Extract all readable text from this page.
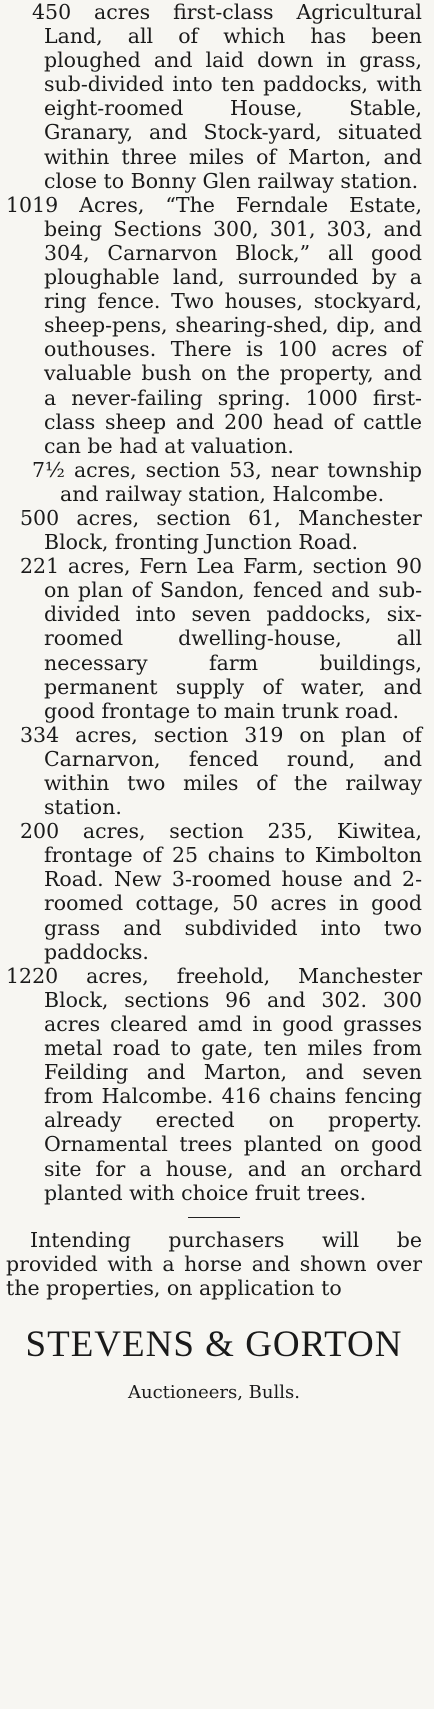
450 acres first-class Agricultural Land, all of which has been ploughed and laid down in grass, sub-divided into ten paddocks, with eight-roomed House, Stable, Granary, and Stock-yard, situated within three miles of Marton, and close to Bonny Glen railway station.
1019 Acres, “The Ferndale Estate, being Sections 300, 301, 303, and 304, Carnarvon Block,” all good ploughable land, surrounded by a ring fence. Two houses, stockyard, sheep-pens, shearing-shed, dip, and outhouses. There is 100 acres of valuable bush on the property, and a never-failing spring. 1000 first-class sheep and 200 head of cattle can be had at valuation.
7½ acres, section 53, near township and railway station, Halcombe.
500 acres, section 61, Manchester Block, fronting Junction Road.
221 acres, Fern Lea Farm, section 90 on plan of Sandon, fenced and sub-divided into seven paddocks, six-roomed dwelling-house, all necessary farm buildings, permanent supply of water, and good frontage to main trunk road.
334 acres, section 319 on plan of Carnarvon, fenced round, and within two miles of the railway station.
200 acres, section 235, Kiwitea, frontage of 25 chains to Kimbolton Road. New 3-roomed house and 2-roomed cottage, 50 acres in good grass and subdivided into two paddocks.
1220 acres, freehold, Manchester Block, sections 96 and 302. 300 acres cleared amd in good grasses metal road to gate, ten miles from Feilding and Marton, and seven from Halcombe. 416 chains fencing already erected on property. Ornamental trees planted on good site for a house, and an orchard planted with choice fruit trees.

Intending purchasers will be provided with a horse and shown over the properties, on application to

STEVENS & GORTON
Auctioneers, Bulls.
